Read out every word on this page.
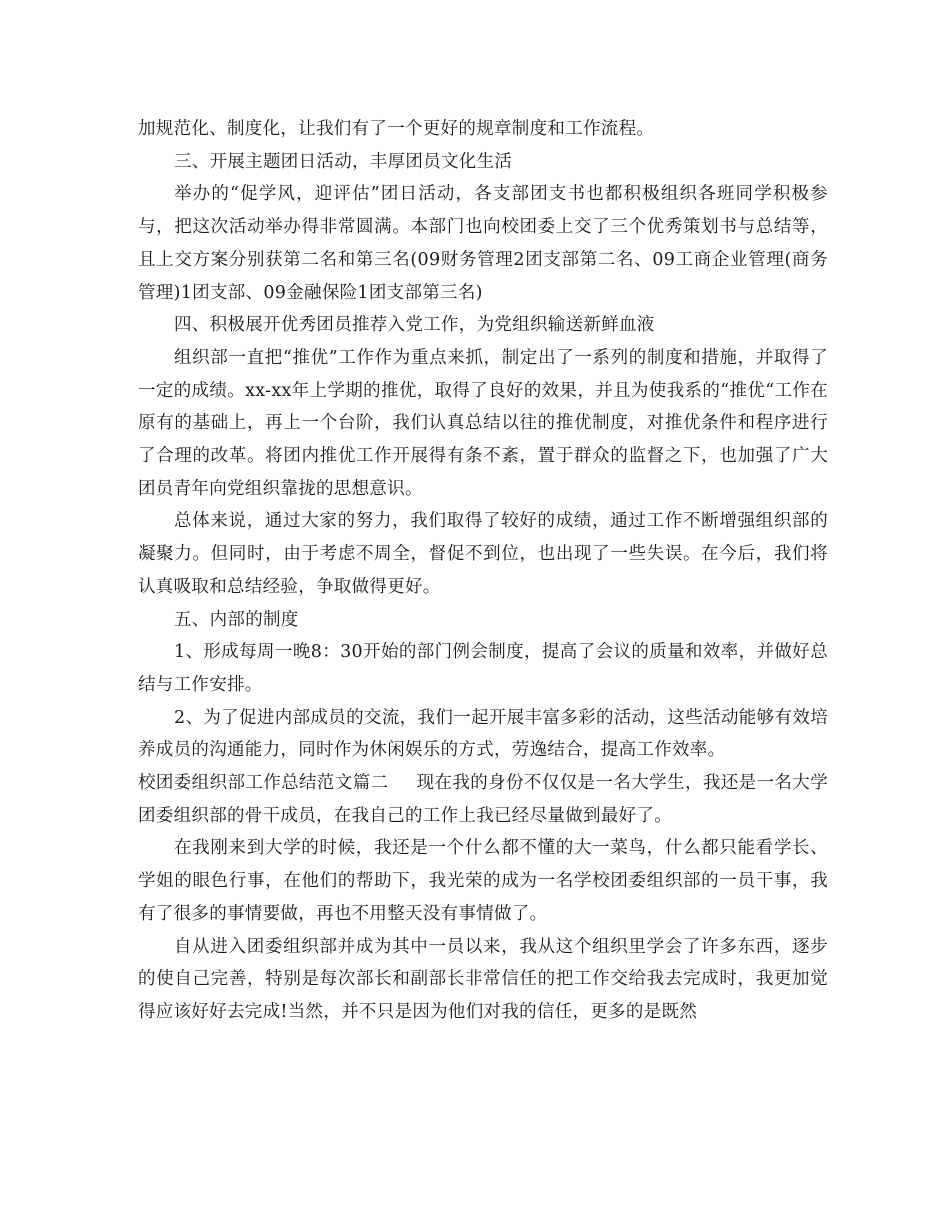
加规范化、制度化，让我们有了一个更好的规章制度和工作流程。

三、开展主题团日活动，丰厚团员文化生活

举办的“促学风，迎评估”团日活动，各支部团支书也都积极组织各班同学积极参与，把这次活动举办得非常圆满。本部门也向校团委上交了三个优秀策划书与总结等，且上交方案分别获第二名和第三名(09财务管理2团支部第二名、09工商企业管理(商务管理)1团支部、09金融保险1团支部第三名)

四、积极展开优秀团员推荐入党工作，为党组织输送新鲜血液

组织部一直把“推优”工作作为重点来抓，制定出了一系列的制度和措施，并取得了一定的成绩。xx-xx年上学期的推优，取得了良好的效果，并且为使我系的“推优“工作在原有的基础上，再上一个台阶，我们认真总结以往的推优制度，对推优条件和程序进行了合理的改革。将团内推优工作开展得有条不紊，置于群众的监督之下，也加强了广大团员青年向党组织靠拢的思想意识。

总体来说，通过大家的努力，我们取得了较好的成绩，通过工作不断增强组织部的凝聚力。但同时，由于考虑不周全，督促不到位，也出现了一些失误。在今后，我们将认真吸取和总结经验，争取做得更好。

五、内部的制度

1、形成每周一晚8：30开始的部门例会制度，提高了会议的质量和效率，并做好总结与工作安排。

2、为了促进内部成员的交流，我们一起开展丰富多彩的活动，这些活动能够有效培养成员的沟通能力，同时作为休闲娱乐的方式，劳逸结合，提高工作效率。

校团委组织部工作总结范文篇二 现在我的身份不仅仅是一名大学生，我还是一名大学团委组织部的骨干成员，在我自己的工作上我已经尽量做到最好了。

在我刚来到大学的时候，我还是一个什么都不懂的大一菜鸟，什么都只能看学长、学姐的眼色行事，在他们的帮助下，我光荣的成为一名学校团委组织部的一员干事，我有了很多的事情要做，再也不用整天没有事情做了。

自从进入团委组织部并成为其中一员以来，我从这个组织里学会了许多东西，逐步的使自己完善，特别是每次部长和副部长非常信任的把工作交给我去完成时，我更加觉得应该好好去完成!当然，并不只是因为他们对我的信任，更多的是既然
